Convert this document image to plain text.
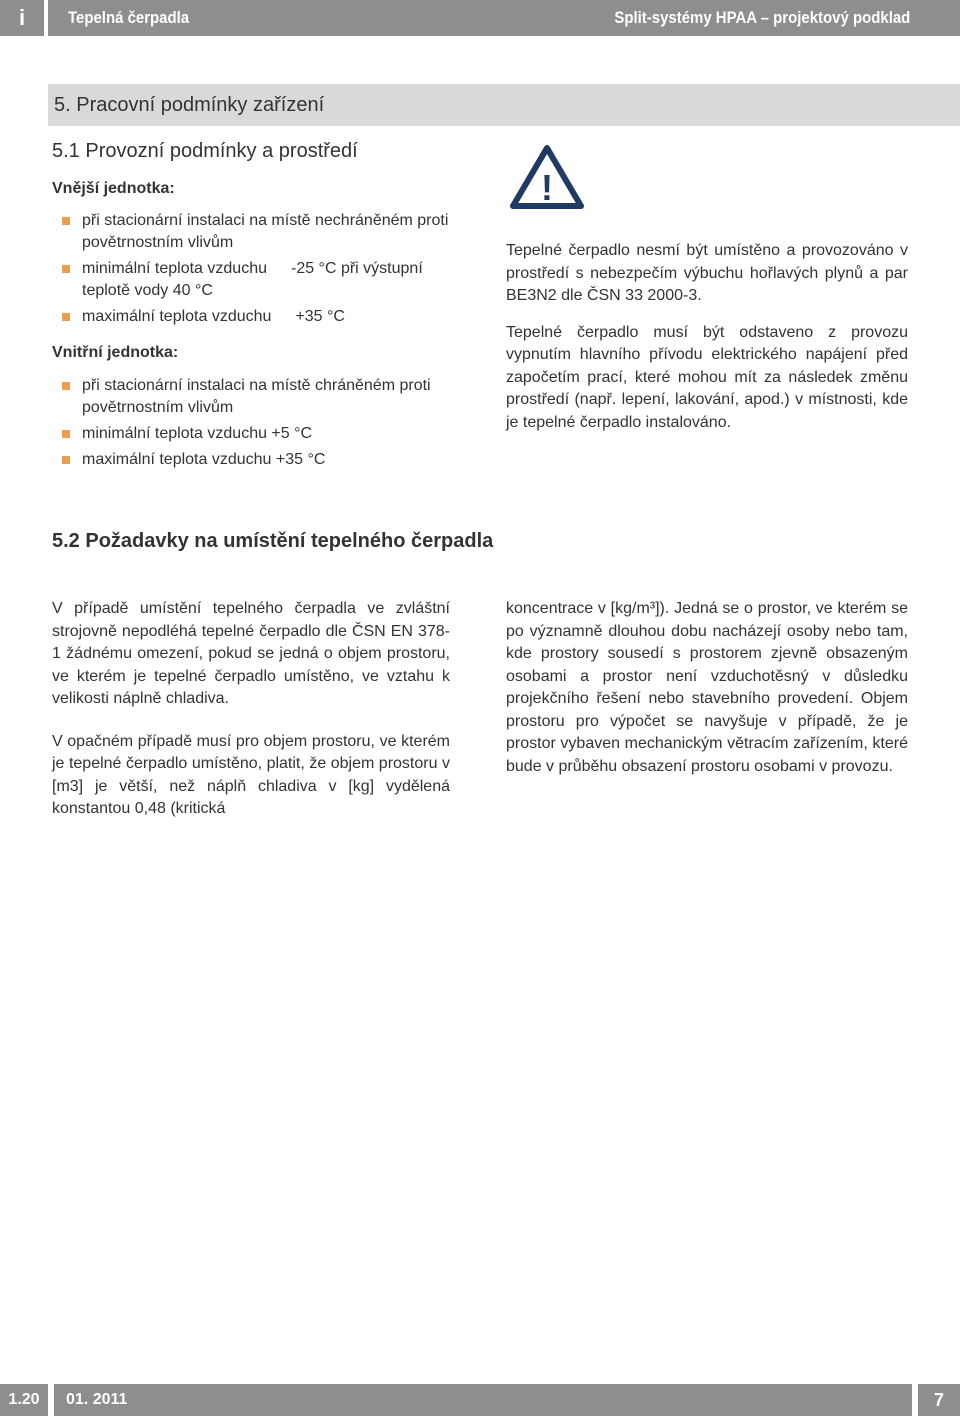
i	Tepelná čerpadla	Split-systémy HPAA – projektový podklad
5. Pracovní podmínky zařízení
5.1 Provozní podmínky a prostředí
Vnější jednotka:
při stacionární instalaci na místě nechráněném proti povětrnostním vlivům
minimální teplota vzduchu -25 °C při výstupní teplotě vody 40 °C
maximální teplota vzduchu +35 °C
Vnitřní jednotka:
při stacionární instalaci na místě chráněném proti povětrnostním vlivům
minimální teplota vzduchu +5 °C
maximální teplota vzduchu +35 °C
!

Tepelné čerpadlo nesmí být umístěno a provozováno v prostředí s nebezpečím výbuchu hořlavých plynů a par BE3N2 dle ČSN 33 2000-3.

Tepelné čerpadlo musí být odstaveno z provozu vypnutím hlavního přívodu elektrického napájení před započetím prací, které mohou mít za následek změnu prostředí (např. lepení, lakování, apod.) v místnosti, kde je tepelné čerpadlo instalováno.

5.2 Požadavky na umístění tepelného čerpadla

V případě umístění tepelného čerpadla ve zvláštní strojovně nepodléhá tepelné čerpadlo dle ČSN EN 378-1 žádnému omezení, pokud se jedná o objem prostoru, ve kterém je tepelné čerpadlo umístěno, ve vztahu k velikosti náplně chladiva.

V opačném případě musí pro objem prostoru, ve kterém je tepelné čerpadlo umístěno, platit, že objem prostoru v [m3] je větší, než náplň chladiva v [kg] vydělená konstantou 0,48 (kritická

koncentrace v [kg/m³]). Jedná se o prostor, ve kterém se po významně dlouhou dobu nacházejí osoby nebo tam, kde prostory sousedí s prostorem zjevně obsazeným osobami a prostor není vzduchotěsný v důsledku projekčního řešení nebo stavebního provedení. Objem prostoru pro výpočet se navyšuje v případě, že je prostor vybaven mechanickým větracím zařízením, které bude v průběhu obsazení prostoru osobami v provozu.

1.20	01. 2011	7
